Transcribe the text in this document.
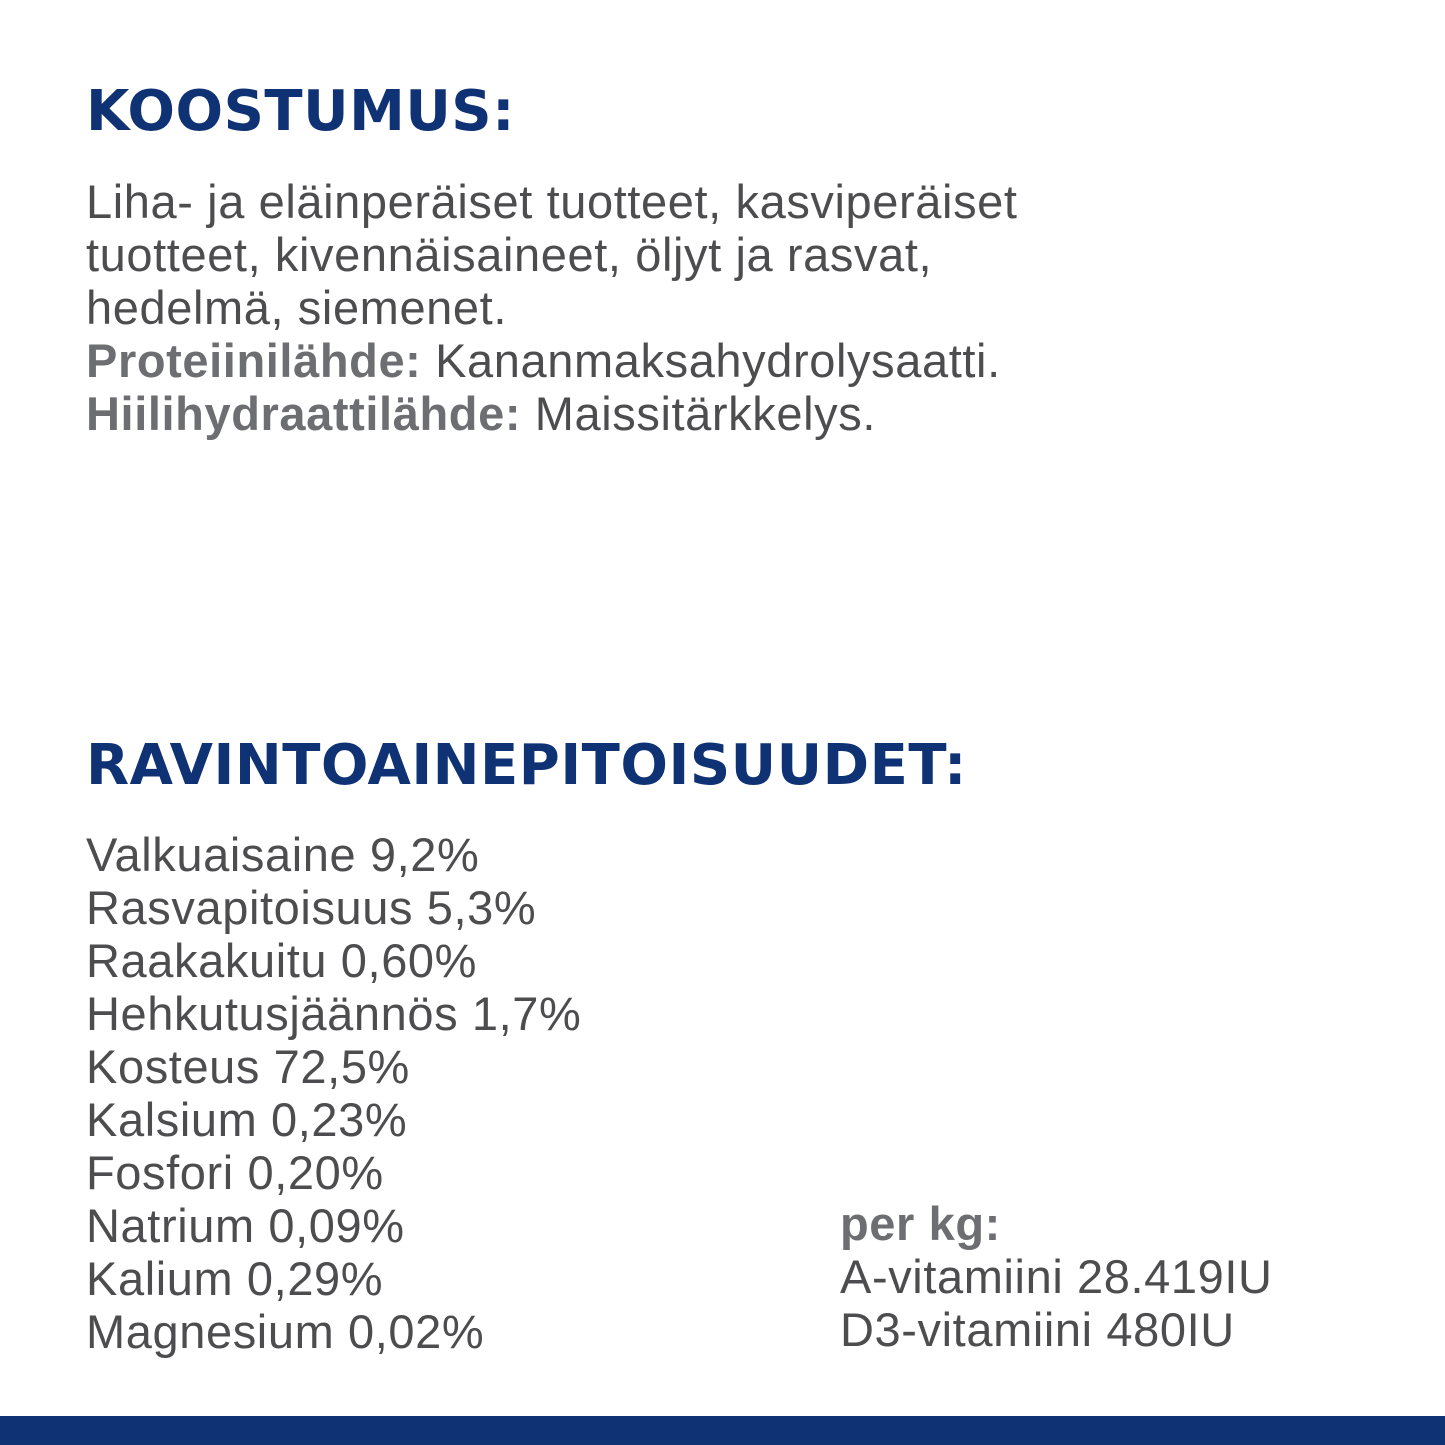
KOOSTUMUS:
Liha- ja eläinperäiset tuotteet, kasviperäiset
tuotteet, kivennäisaineet, öljyt ja rasvat,
hedelmä, siemenet.
Proteiinilähde: Kananmaksahydrolysaatti.
Hiilihydraattilähde: Maissitärkkelys.
RAVINTOAINEPITOISUUDET:
Valkuaisaine 9,2%
Rasvapitoisuus 5,3%
Raakakuitu 0,60%
Hehkutusjäännös 1,7%
Kosteus 72,5%
Kalsium 0,23%
Fosfori 0,20%
Natrium 0,09%
Kalium 0,29%
Magnesium 0,02%
per kg:
A-vitamiini 28.419IU
D3-vitamiini 480IU
